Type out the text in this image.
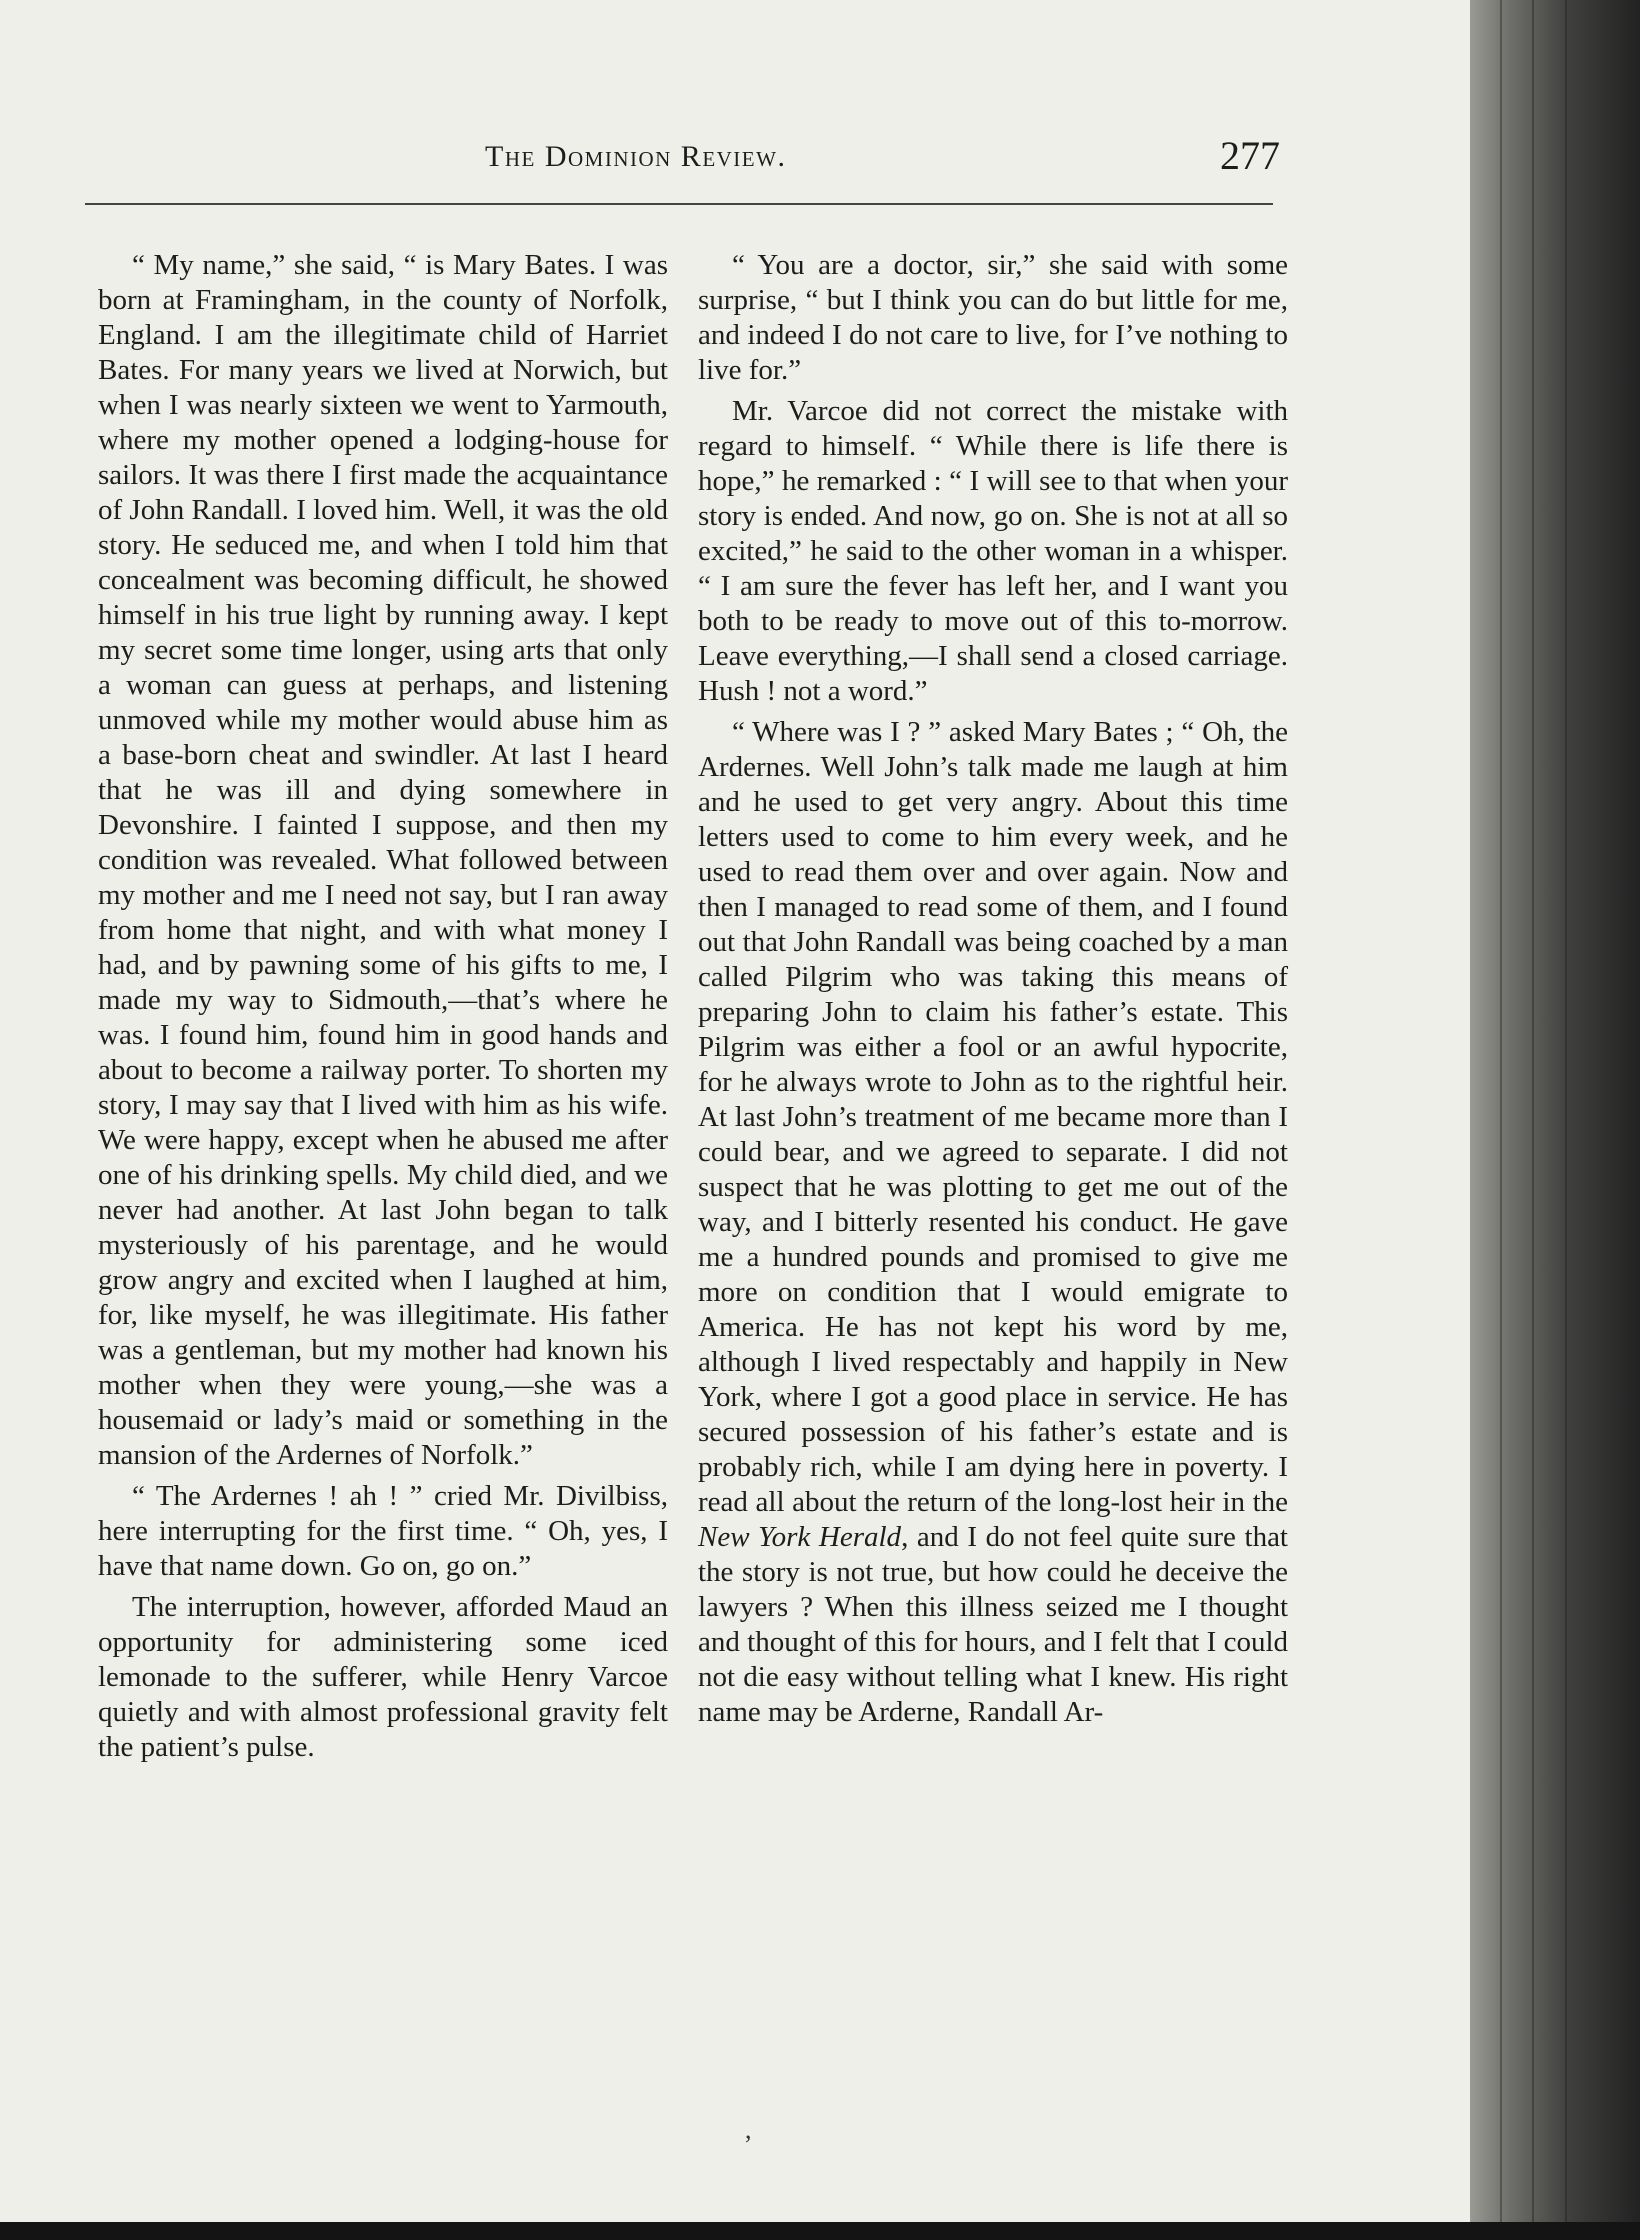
The Dominion Review.	277

“ My name,” she said, “ is Mary Bates. I was born at Framingham, in the county of Norfolk, England. I am the illegitimate child of Harriet Bates. For many years we lived at Norwich, but when I was nearly sixteen we went to Yarmouth, where my mother opened a lodging-house for sailors. It was there I first made the acquaintance of John Randall. I loved him. Well, it was the old story. He seduced me, and when I told him that concealment was becoming difficult, he showed himself in his true light by running away. I kept my secret some time longer, using arts that only a woman can guess at perhaps, and listening unmoved while my mother would abuse him as a base-born cheat and swindler. At last I heard that he was ill and dying somewhere in Devonshire. I fainted I suppose, and then my condition was revealed. What followed between my mother and me I need not say, but I ran away from home that night, and with what money I had, and by pawning some of his gifts to me, I made my way to Sidmouth,—that’s where he was. I found him, found him in good hands and about to become a railway porter. To shorten my story, I may say that I lived with him as his wife. We were happy, except when he abused me after one of his drinking spells. My child died, and we never had another. At last John began to talk mysteriously of his parentage, and he would grow angry and excited when I laughed at him, for, like myself, he was illegitimate. His father was a gentleman, but my mother had known his mother when they were young,—she was a housemaid or lady’s maid or something in the mansion of the Ardernes of Norfolk.”

“ The Ardernes ! ah ! ” cried Mr. Divilbiss, here interrupting for the first time. “ Oh, yes, I have that name down. Go on, go on.”

The interruption, however, afforded Maud an opportunity for administering some iced lemonade to the sufferer, while Henry Varcoe quietly and with almost professional gravity felt the patient’s pulse.

“ You are a doctor, sir,” she said with some surprise, “ but I think you can do but little for me, and indeed I do not care to live, for I’ve nothing to live for.”

Mr. Varcoe did not correct the mistake with regard to himself. “ While there is life there is hope,” he remarked : “ I will see to that when your story is ended. And now, go on. She is not at all so excited,” he said to the other woman in a whisper. “ I am sure the fever has left her, and I want you both to be ready to move out of this to-morrow. Leave everything,—I shall send a closed carriage. Hush ! not a word.”

“ Where was I ? ” asked Mary Bates ; “ Oh, the Ardernes. Well John’s talk made me laugh at him and he used to get very angry. About this time letters used to come to him every week, and he used to read them over and over again. Now and then I managed to read some of them, and I found out that John Randall was being coached by a man called Pilgrim who was taking this means of preparing John to claim his father’s estate. This Pilgrim was either a fool or an awful hypocrite, for he always wrote to John as to the rightful heir. At last John’s treatment of me became more than I could bear, and we agreed to separate. I did not suspect that he was plotting to get me out of the way, and I bitterly resented his conduct. He gave me a hundred pounds and promised to give me more on condition that I would emigrate to America. He has not kept his word by me, although I lived respectably and happily in New York, where I got a good place in service. He has secured possession of his father’s estate and is probably rich, while I am dying here in poverty. I read all about the return of the long-lost heir in the New York Herald, and I do not feel quite sure that the story is not true, but how could he deceive the lawyers ? When this illness seized me I thought and thought of this for hours, and I felt that I could not die easy without telling what I knew. His right name may be Arderne, Randall Ar-

,
